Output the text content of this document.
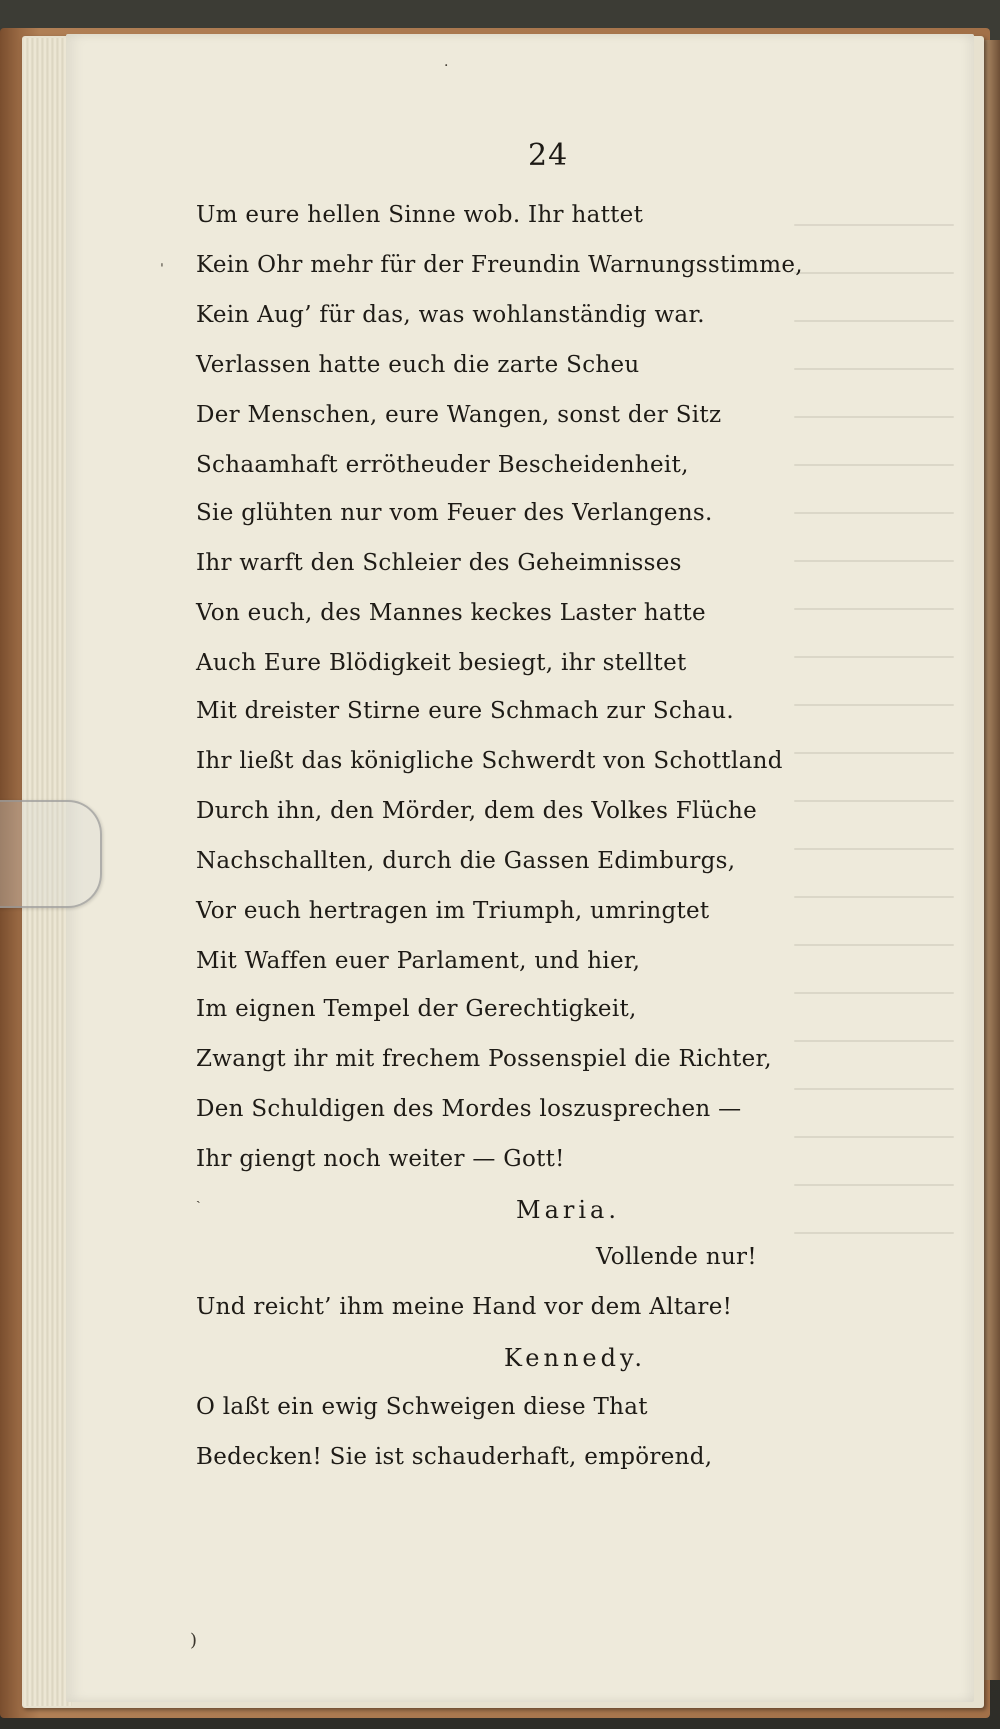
·
ˈ
ˎ
)
24
Um eure hellen Sinne wob. Ihr hattet
Kein Ohr mehr für der Freundin Warnungsstimme,
Kein Aug’ für das, was wohlanständig war.
Verlassen hatte euch die zarte Scheu
Der Menschen, eure Wangen, sonst der Sitz
Schaamhaft errötheuder Bescheidenheit,
Sie glühten nur vom Feuer des Verlangens.
Ihr warft den Schleier des Geheimnisses
Von euch, des Mannes keckes Laster hatte
Auch Eure Blödigkeit besiegt, ihr stelltet
Mit dreister Stirne eure Schmach zur Schau.
Ihr ließt das königliche Schwerdt von Schottland
Durch ihn, den Mörder, dem des Volkes Flüche
Nachschallten, durch die Gassen Edimburgs,
Vor euch hertragen im Triumph, umringtet
Mit Waffen euer Parlament, und hier,
Im eignen Tempel der Gerechtigkeit,
Zwangt ihr mit frechem Possenspiel die Richter,
Den Schuldigen des Mordes loszusprechen —
Ihr giengt noch weiter — Gott!
Maria.
Vollende nur!
Und reicht’ ihm meine Hand vor dem Altare!
Kennedy.
O laßt ein ewig Schweigen diese That
Bedecken! Sie ist schauderhaft, empörend,
